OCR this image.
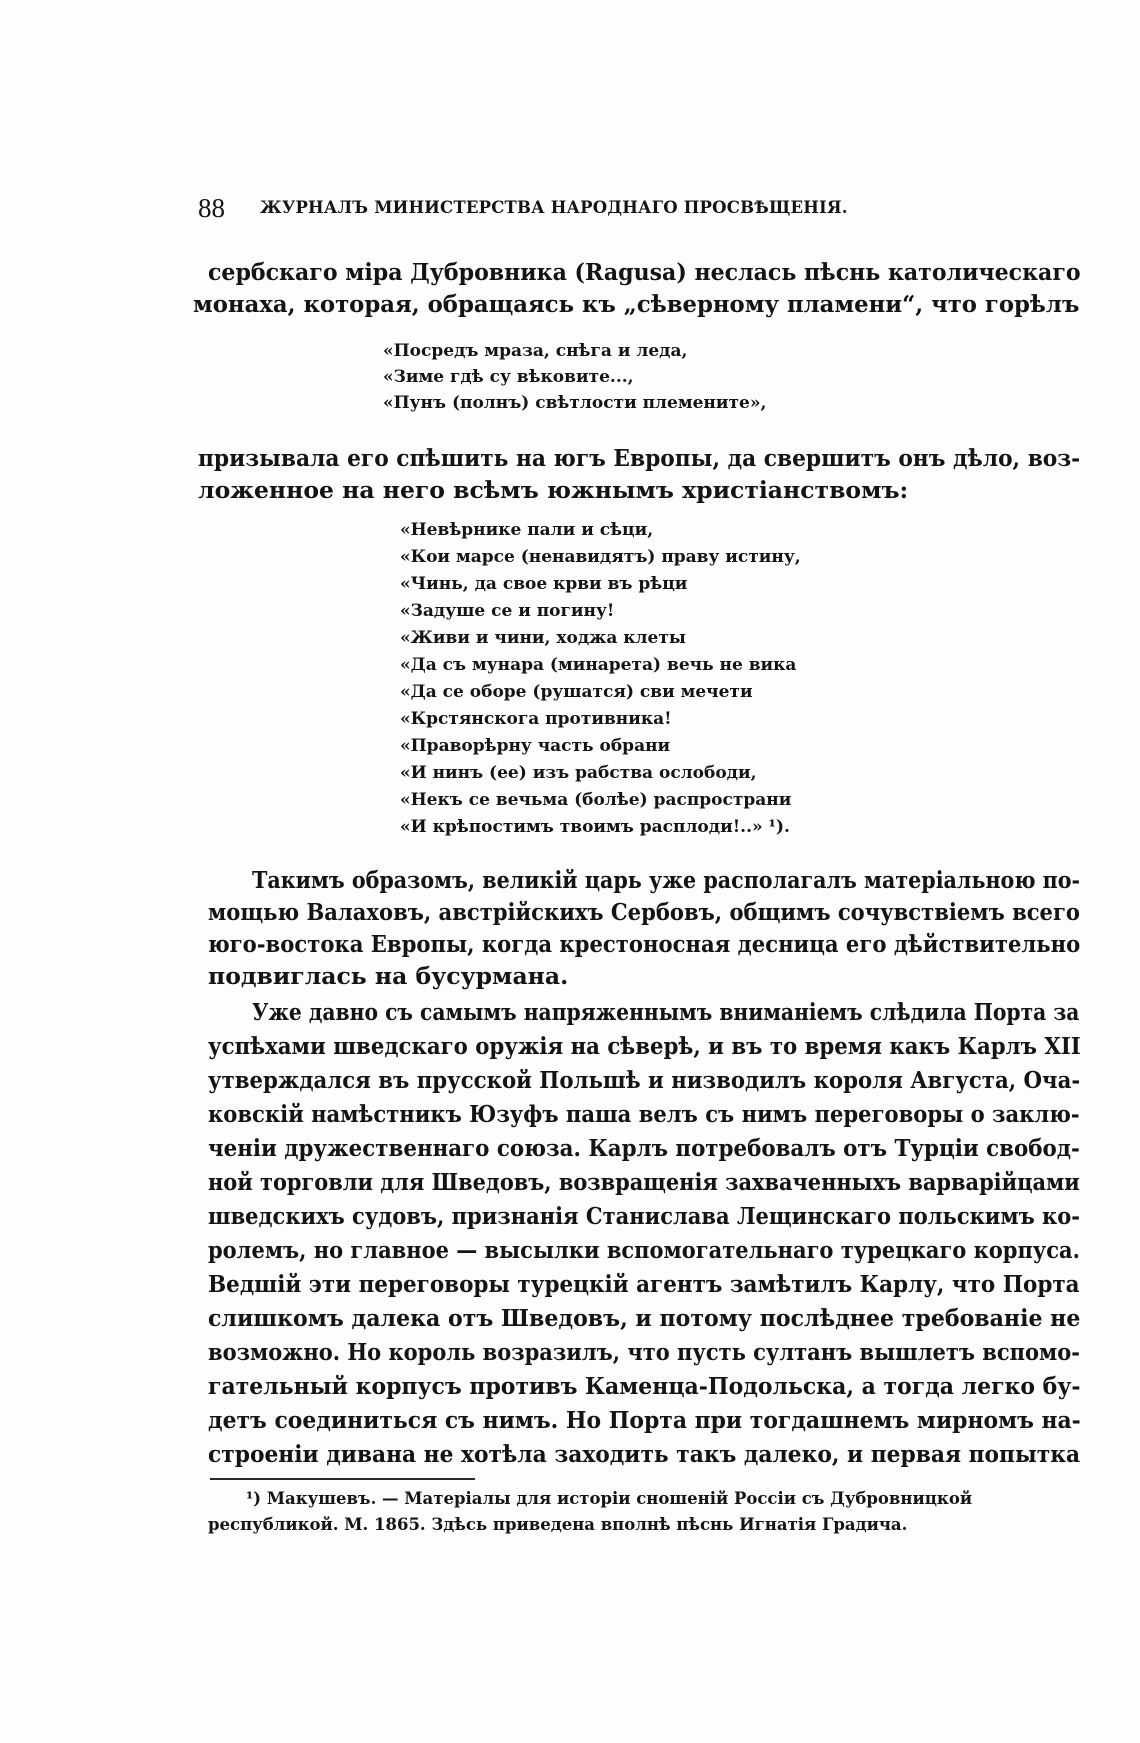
88 ЖУРНАЛЪ МИНИСТЕРСТВА НАРОДНАГО ПРОСВѢЩЕНІЯ.
сербскаго міра Дубровника (Ragusa) неслась пѣснь католическаго
монаха, которая, обращаясь къ „сѣверному пламени“, что горѣлъ
«Посредъ мраза, снѣга и леда,
«Зиме гдѣ су вѣковите...,
«Пунъ (полнъ) свѣтлости племените»,
призывала его спѣшить на югъ Европы, да свершитъ онъ дѣло, воз-
ложенное на него всѣмъ южнымъ христіанствомъ:
«Невѣрнике пали и сѣци,
«Кои марсе (ненавидятъ) праву истину,
«Чинь, да свое крви въ рѣци
«Задуше се и погину!
«Живи и чини, ходжа клеты
«Да съ мунара (минарета) вечь не вика
«Да се оборе (рушатся) сви мечети
«Крстянскога противника!
«Праворѣрну часть обрани
«И нинъ (ее) изъ рабства ослободи,
«Некъ се вечьма (болѣе) распространи
«И крѣпостимъ твоимъ расплоди!..» ¹).
Такимъ образомъ, великій царь уже располагалъ матеріальною по-
мощью Валаховъ, австрійскихъ Сербовъ, общимъ сочувствіемъ всего
юго-востока Европы, когда крестоносная десница его дѣйствительно
подвиглась на бусурмана.
Уже давно съ самымъ напряженнымъ вниманіемъ слѣдила Порта за
успѣхами шведскаго оружія на сѣверѣ, и въ то время какъ Карлъ XII
утверждался въ прусской Польшѣ и низводилъ короля Августа, Оча-
ковскій намѣстникъ Юзуфъ паша велъ съ нимъ переговоры о заклю-
ченіи дружественнаго союза. Карлъ потребовалъ отъ Турціи свобод-
ной торговли для Шведовъ, возвращенія захваченныхъ варварійцами
шведскихъ судовъ, признанія Станислава Лещинскаго польскимъ ко-
ролемъ, но главное — высылки вспомогательнаго турецкаго корпуса.
Ведшій эти переговоры турецкій агентъ замѣтилъ Карлу, что Порта
слишкомъ далека отъ Шведовъ, и потому послѣднее требованіе не
возможно. Но король возразилъ, что пусть султанъ вышлетъ вспомо-
гательный корпусъ противъ Каменца-Подольска, а тогда легко бу-
детъ соединиться съ нимъ. Но Порта при тогдашнемъ мирномъ на-
строеніи дивана не хотѣла заходить такъ далеко, и первая попытка
¹) Макушевъ. — Матеріалы для исторіи сношеній Россіи съ Дубровницкой
республикой. М. 1865. Здѣсь приведена вполнѣ пѣснь Игнатія Градича.
